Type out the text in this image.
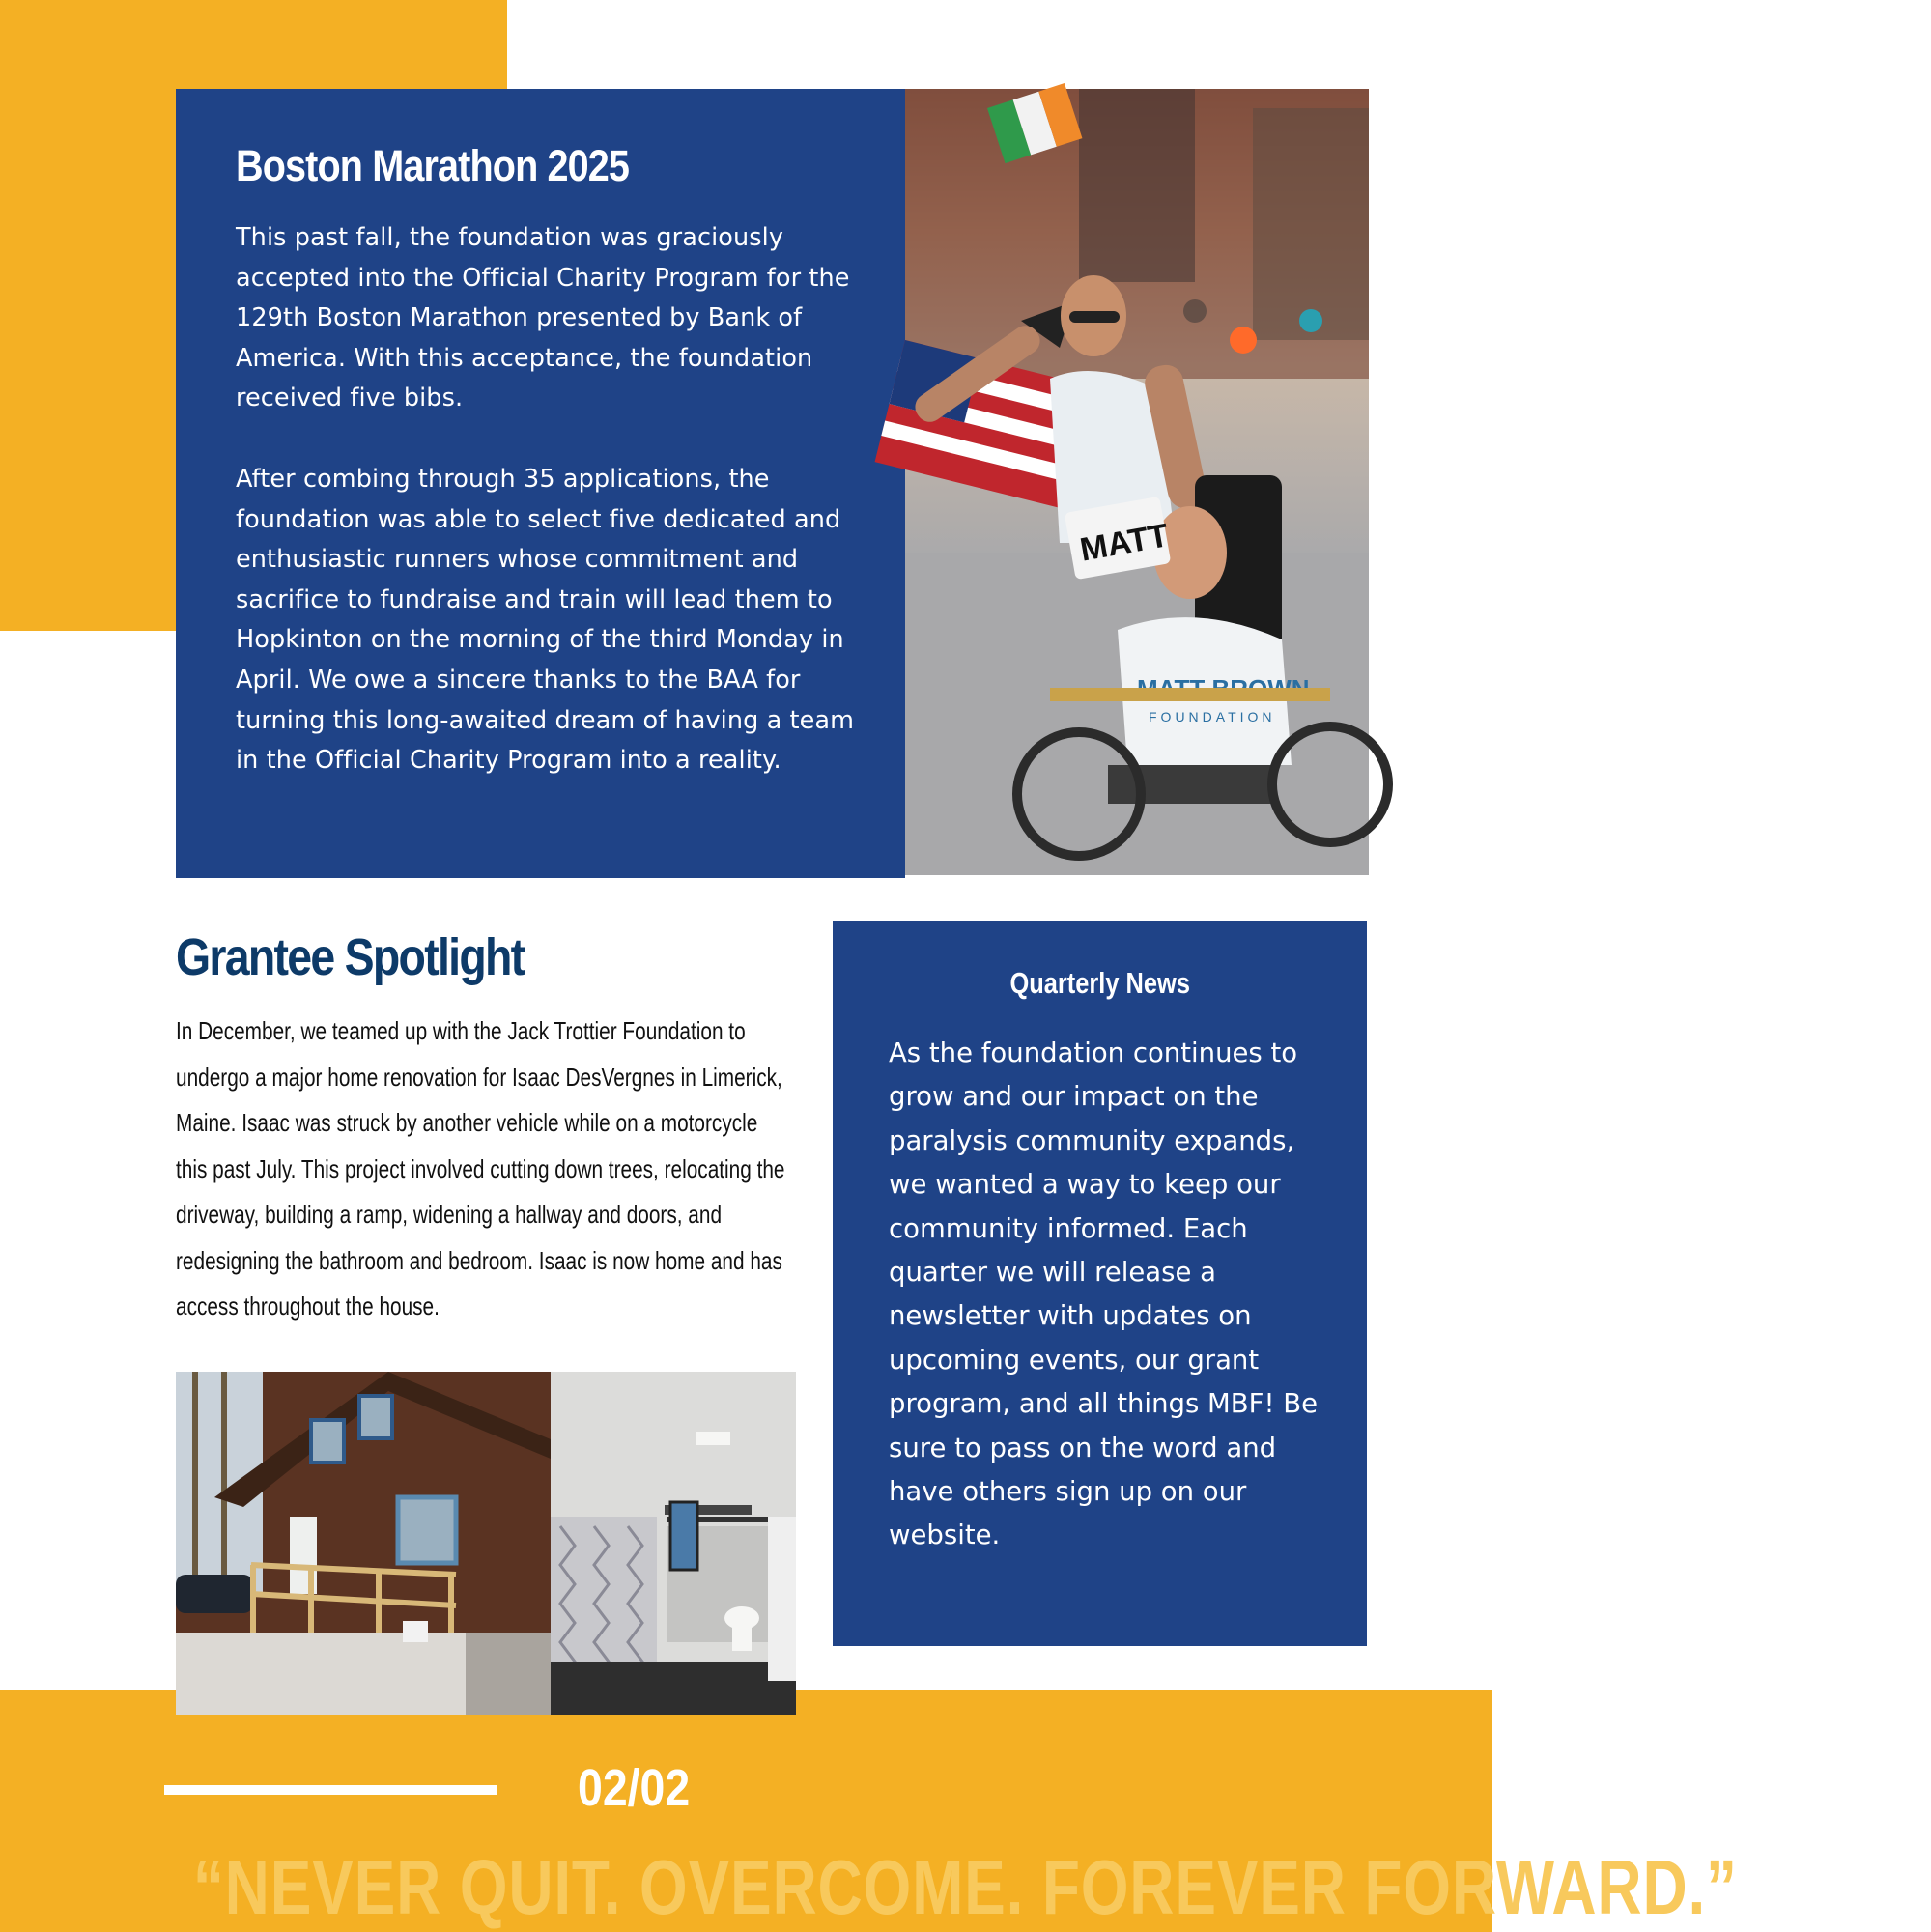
Boston Marathon 2025

This past fall, the foundation was graciously accepted into the Official Charity Program for the 129th Boston Marathon presented by Bank of America. With this acceptance, the foundation received five bibs.

After combing through 35 applications, the foundation was able to select five dedicated and enthusiastic runners whose commitment and sacrifice to fundraise and train will lead them to Hopkinton on the morning of the third Monday in April. We owe a sincere thanks to the BAA for turning this long-awaited dream of having a team in the Official Charity Program into a reality.

FOUNDATION
MATT
Grantee Spotlight

In December, we teamed up with the Jack Trottier Foundation to undergo a major home renovation for Isaac DesVergnes in Limerick, Maine. Isaac was struck by another vehicle while on a motorcycle this past July. This project involved cutting down trees, relocating the driveway, building a ramp, widening a hallway and doors, and redesigning the bathroom and bedroom. Isaac is now home and has access throughout the house.

Quarterly News

As the foundation continues to grow and our impact on the paralysis community expands, we wanted a way to keep our community informed. Each quarter we will release a newsletter with updates on upcoming events, our grant program, and all things MBF! Be sure to pass on the word and have others sign up on our website.

02/02

“NEVER QUIT. OVERCOME. FOREVER FORWARD.”
